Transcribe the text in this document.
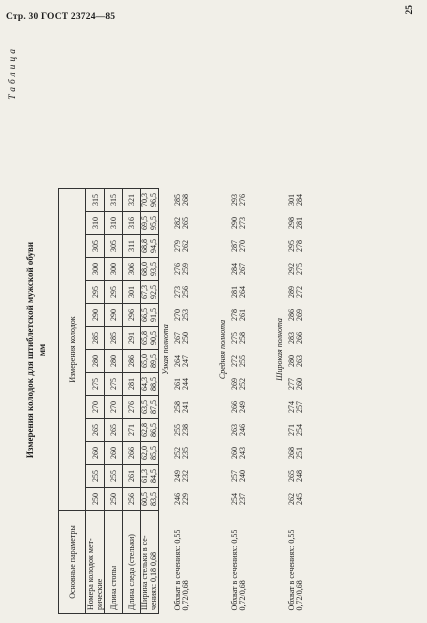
Стр. 30 ГОСТ 23724—85
25
Таблица
Измерения колодок для штиблетской мужской обуви мм
Основные параметры	Измерения колодок													
Номера колодок мет-рические	250	255	260	265	270	275	280	285	290	295	300	305	310	315
Длина стопы	250	255	260	265	270	275	280	285	290	295	300	305	310	315
Длина следа (стельки)	256	261	266	271	276	281	286	291	296	301	306	311	316	321
Ширина стельки в се-чениях: 0,18 0,68	60,5 83,5	61,3 84,5	62,0 85,5	62,8 86,5	63,5 87,5	64,3 88,5	65,0 89,5	65,8 90,5	66,5 91,5	67,3 92,5	68,0 93,5	68,8 94,5	69,5 95,5	70,3 96,5
	Узкая полнота													
Обхват в сечениях: 0,55 0,72/0,68	246 229	249 232	252 235	255 238	258 241	261 244	264 247	267 250	270 253	273 256	276 259	279 262	282 265	285 268
	Средняя полнота													
Обхват в сечениях: 0,55 0,72/0,68	254 237	257 240	260 243	263 246	266 249	269 252	272 255	275 258	278 261	281 264	284 267	287 270	290 273	293 276
	Широкая полнота													
Обхват в сечениях: 0,55 0,72/0,68	262 245	265 248	268 251	271 254	274 257	277 260	280 263	283 266	286 269	289 272	292 275	295 278	298 281	301 284
